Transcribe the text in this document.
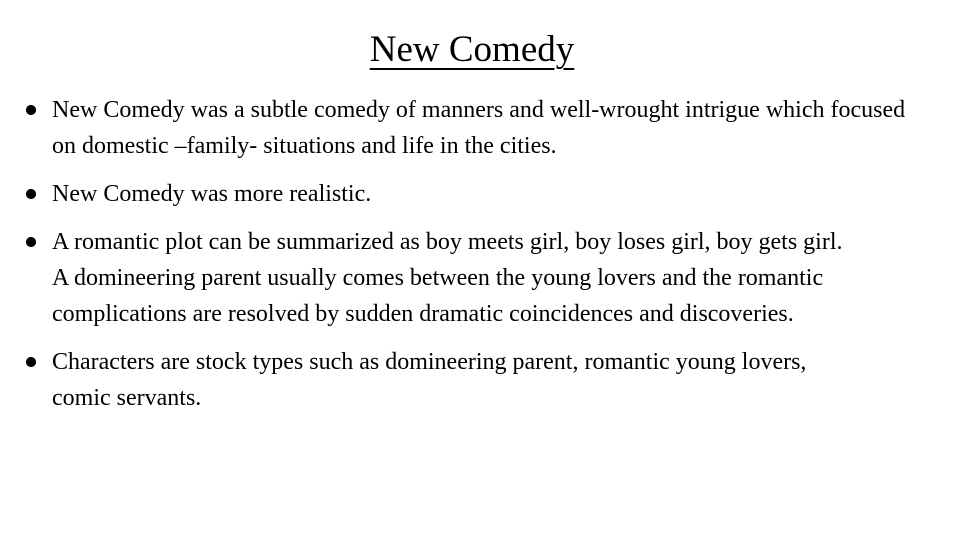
New Comedy
New Comedy was a subtle comedy of manners and well-wrought intrigue which focused on domestic –family- situations and life in the cities.
New Comedy was more realistic.
A romantic plot can be summarized as boy meets girl, boy loses girl, boy gets girl. A domineering parent usually comes between the young lovers and the romantic complications are resolved by sudden dramatic coincidences and discoveries.
Characters are stock types such as domineering parent, romantic young lovers, comic servants.
